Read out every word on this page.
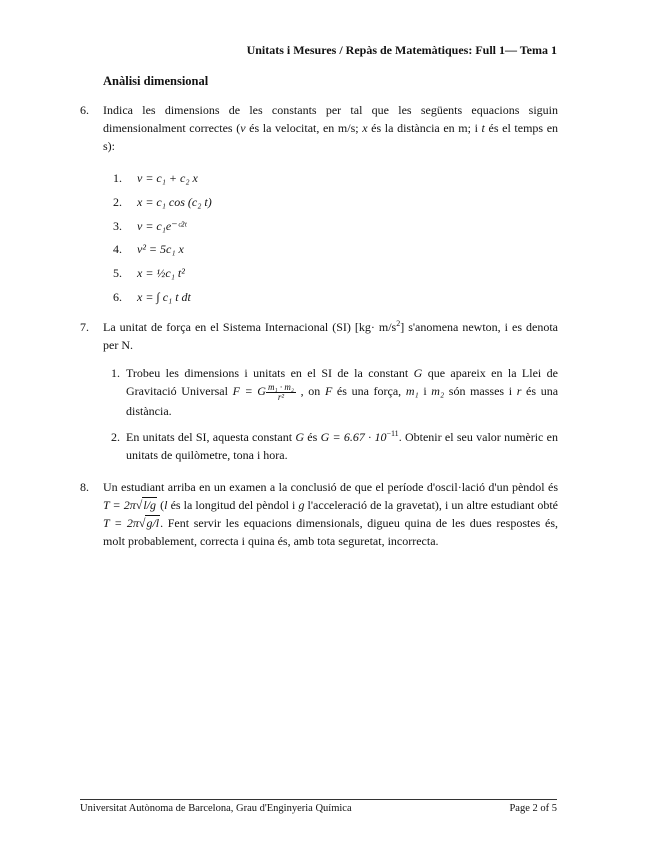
Unitats i Mesures / Repàs de Matemàtiques: Full 1— Tema 1
Anàlisi dimensional
6.	Indica les dimensions de les constants per tal que les següents equacions siguin dimensionalment correctes (v és la velocitat, en m/s; x és la distància en m; i t és el temps en s):
1. v = c₁ + c₂ x
2. x = c₁ cos (c₂ t)
3. v = c₁e⁻ᶜ²ᵗ
4. v² = 5c₁ x
5. x = ½c₁ t²
6. x = ∫ c₁ t dt
7.	La unitat de força en el Sistema Internacional (SI) $[kg\cdot m/s^2]$ s'anomena newton, i es denota per N.
1. Trobeu les dimensions i unitats en el SI de la constant G que apareix en la Llei de Gravitació Universal F = G $\frac{\text{m₁ · m₂}}{\text{r²}}$ , on F és una força, m₁ i m₂ són masses i r és una distància.
2. En unitats del SI, aquesta constant G és $G = 6.67 \cdot 10^{-11}$. Obtenir el seu valor numèric en unitats de quilòmetre, tona i hora.
8.	Un estudiant arriba en un examen a la conclusió de que el període d'oscil·lació d'un pèndol és T = 2π√l/g (l és la longitud del pèndol i g l'acceleració de la gravetat), i un altre estudiant obté T = 2π√g/l. Fent servir les equacions dimensionals, digueu quina de les dues respostes és, molt probablement, correcta i quina és, amb tota seguretat, incorrecta.
Universitat Autònoma de Barcelona, Grau d'Enginyeria Química	Page 2 of 5
